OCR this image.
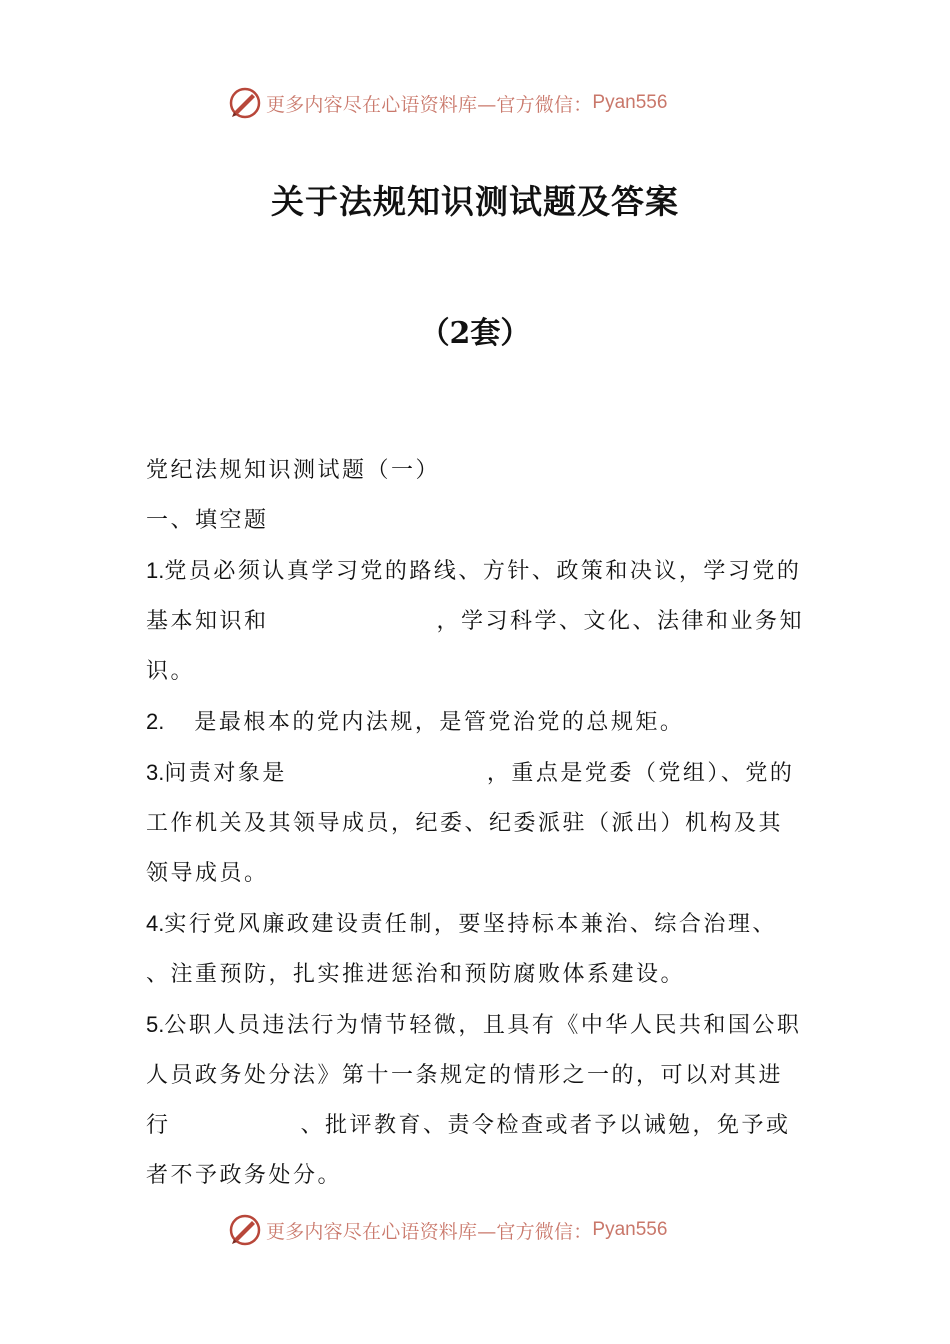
更多内容尽在心语资料库—官方微信： Pyan556
关于法规知识测试题及答案
（2套）

党纪法规知识测试题（一）

一、填空题

1.党员必须认真学习党的路线、方针、政策和决议，学习党的基本知识和	，学习科学、文化、法律和业务知识。

2. 是最根本的党内法规，是管党治党的总规矩。

3.问责对象是	，重点是党委（党组）、党的工作机关及其领导成员，纪委、纪委派驻（派出）机构及其领导成员。

4.实行党风廉政建设责任制，要坚持标本兼治、综合治理、
、注重预防，扎实推进惩治和预防腐败体系建设。

5.公职人员违法行为情节轻微，且具有《中华人民共和国公职人员政务处分法》第十一条规定的情形之一的，可以对其进行	、批评教育、责令检查或者予以诫勉，免予或者不予政务处分。

更多内容尽在心语资料库—官方微信： Pyan556
